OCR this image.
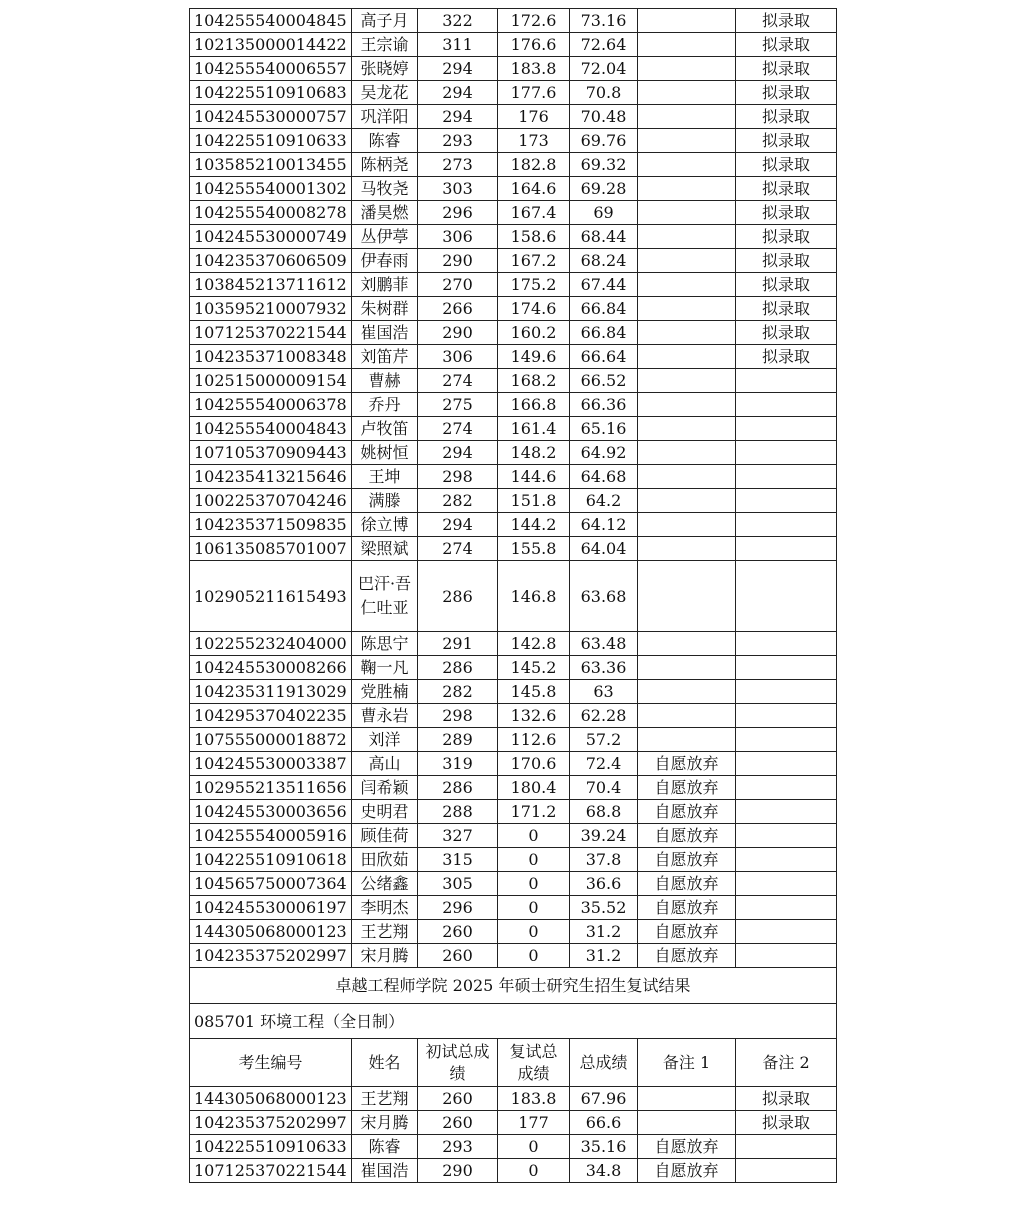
104255540004845	高子月	322	172.6	73.16		拟录取
102135000014422	王宗谕	311	176.6	72.64		拟录取
104255540006557	张晓婷	294	183.8	72.04		拟录取
104225510910683	吴龙花	294	177.6	70.8		拟录取
104245530000757	巩洋阳	294	176	70.48		拟录取
104225510910633	陈睿	293	173	69.76		拟录取
103585210013455	陈柄尧	273	182.8	69.32		拟录取
104255540001302	马牧尧	303	164.6	69.28		拟录取
104255540008278	潘昊燃	296	167.4	69		拟录取
104245530000749	丛伊葶	306	158.6	68.44		拟录取
104235370606509	伊春雨	290	167.2	68.24		拟录取
103845213711612	刘鹏菲	270	175.2	67.44		拟录取
103595210007932	朱树群	266	174.6	66.84		拟录取
107125370221544	崔国浩	290	160.2	66.84		拟录取
104235371008348	刘笛芹	306	149.6	66.64		拟录取
102515000009154	曹赫	274	168.2	66.52		
104255540006378	乔丹	275	166.8	66.36		
104255540004843	卢牧笛	274	161.4	65.16		
107105370909443	姚树恒	294	148.2	64.92		
104235413215646	王坤	298	144.6	64.68		
100225370704246	满滕	282	151.8	64.2		
104235371509835	徐立博	294	144.2	64.12		
106135085701007	梁照斌	274	155.8	64.04		
102905211615493	巴汗·吾仁吐亚	286	146.8	63.68		
102255232404000	陈思宁	291	142.8	63.48		
104245530008266	鞠一凡	286	145.2	63.36		
104235311913029	党胜楠	282	145.8	63		
104295370402235	曹永岩	298	132.6	62.28		
107555000018872	刘洋	289	112.6	57.2		
104245530003387	高山	319	170.6	72.4	自愿放弃	
102955213511656	闫希颖	286	180.4	70.4	自愿放弃	
104245530003656	史明君	288	171.2	68.8	自愿放弃	
104255540005916	顾佳荷	327	0	39.24	自愿放弃	
104225510910618	田欣茹	315	0	37.8	自愿放弃	
104565750007364	公绪鑫	305	0	36.6	自愿放弃	
104245530006197	李明杰	296	0	35.52	自愿放弃	
144305068000123	王艺翔	260	0	31.2	自愿放弃	
104235375202997	宋月腾	260	0	31.2	自愿放弃	
卓越工程师学院 2025 年硕士研究生招生复试结果						
085701 环境工程（全日制）						
考生编号	姓名	初试总成绩	复试总成绩	总成绩	备注 1	备注 2
144305068000123	王艺翔	260	183.8	67.96		拟录取
104235375202997	宋月腾	260	177	66.6		拟录取
104225510910633	陈睿	293	0	35.16	自愿放弃	
107125370221544	崔国浩	290	0	34.8	自愿放弃	
